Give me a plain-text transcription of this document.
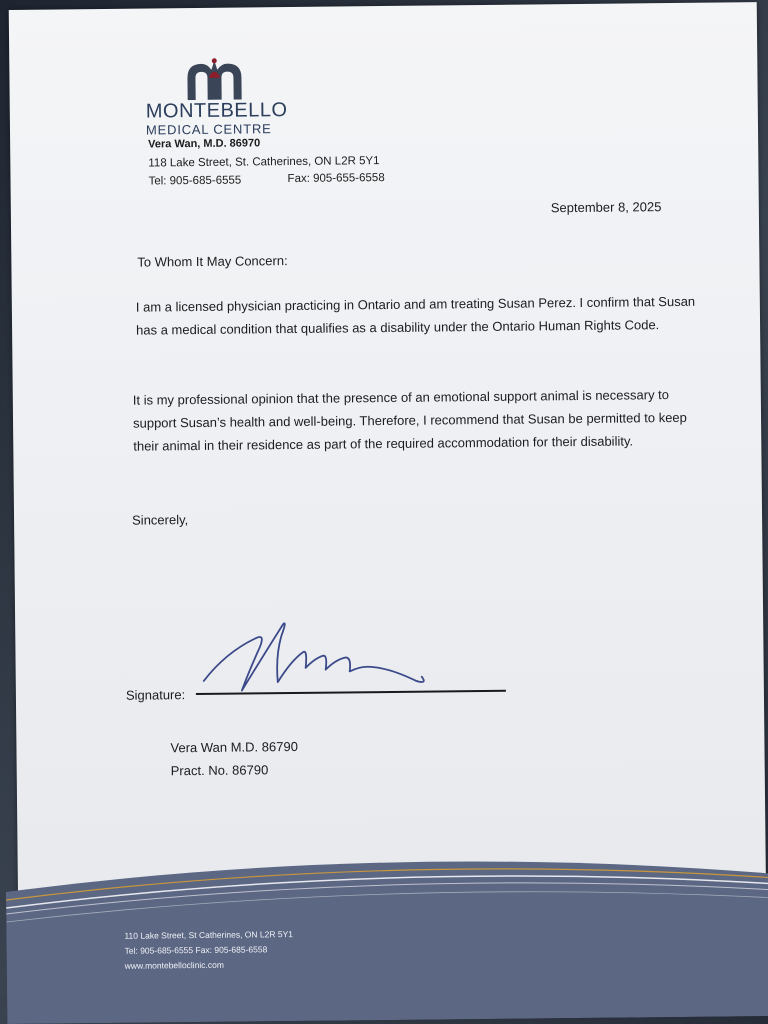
MONTEBELLO
MEDICAL CENTRE
Vera Wan, M.D. 86970
118 Lake Street, St. Catherines, ON L2R 5Y1
Tel: 905-685-6555	Fax: 905-655-6558
September 8, 2025
To Whom It May Concern:
I am a licensed physician practicing in Ontario and am treating Susan Perez. I confirm that Susan has a medical condition that qualifies as a disability under the Ontario Human Rights Code.
It is my professional opinion that the presence of an emotional support animal is necessary to support Susan’s health and well-being. Therefore, I recommend that Susan be permitted to keep their animal in their residence as part of the required accommodation for their disability.
Sincerely,
Signature:
Vera Wan M.D. 86790
Pract. No. 86790
110 Lake Street, St Catherines, ON L2R 5Y1
Tel: 905-685-6555 Fax: 905-685-6558
www.montebelloclinic.com
